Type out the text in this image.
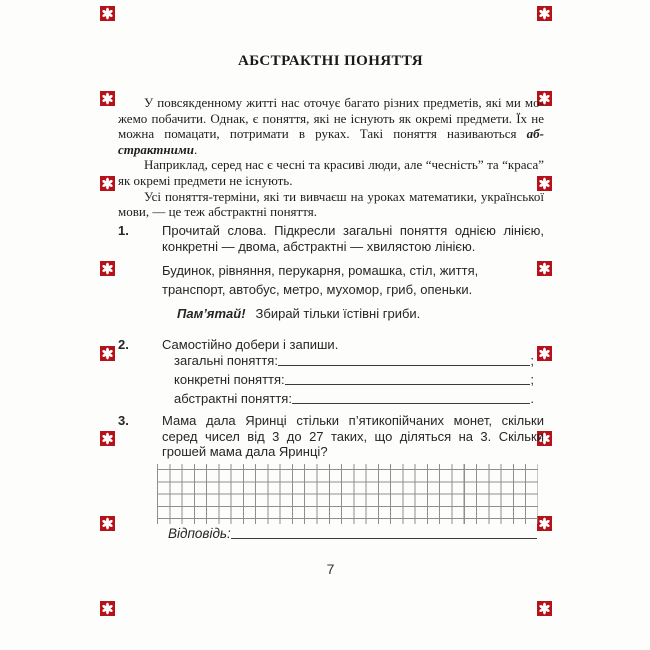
АБСТРАКТНІ ПОНЯТТЯ

У повсякденному житті нас оточує багато різних предметів, які ми можемо побачити. Однак, є поняття, які не існують як окремі предмети. Їх не можна помацати, потримати в руках. Такі поняття називаються абстрактними.

Наприклад, серед нас є чесні та красиві люди, але “чесність” та “краса” як окремі предмети не існують.

Усі поняття-терміни, які ти вивчаєш на уроках математики, української мови, — це теж абстрактні поняття.

1.	Прочитай слова. Підкресли загальні поняття однією лінією, конкретні — двома, абстрактні — хвилястою лінією.
Будинок, рівняння, перукарня, ромашка, стіл, життя,
транспорт, автобус, метро, мухомор, гриб, опеньки.
Пам’ятай! Збирай тільки їстівні гриби.
2.	Самостійно добери і запиши.
загальні поняття:	;
конкретні поняття:	;
абстрактні поняття:	.
3.	Мама дала Яринці стільки п’ятикопійчаних монет, скільки серед чисел від 3 до 27 таких, що діляться на 3. Скільки грошей мама дала Яринці?
Відповідь:
7
